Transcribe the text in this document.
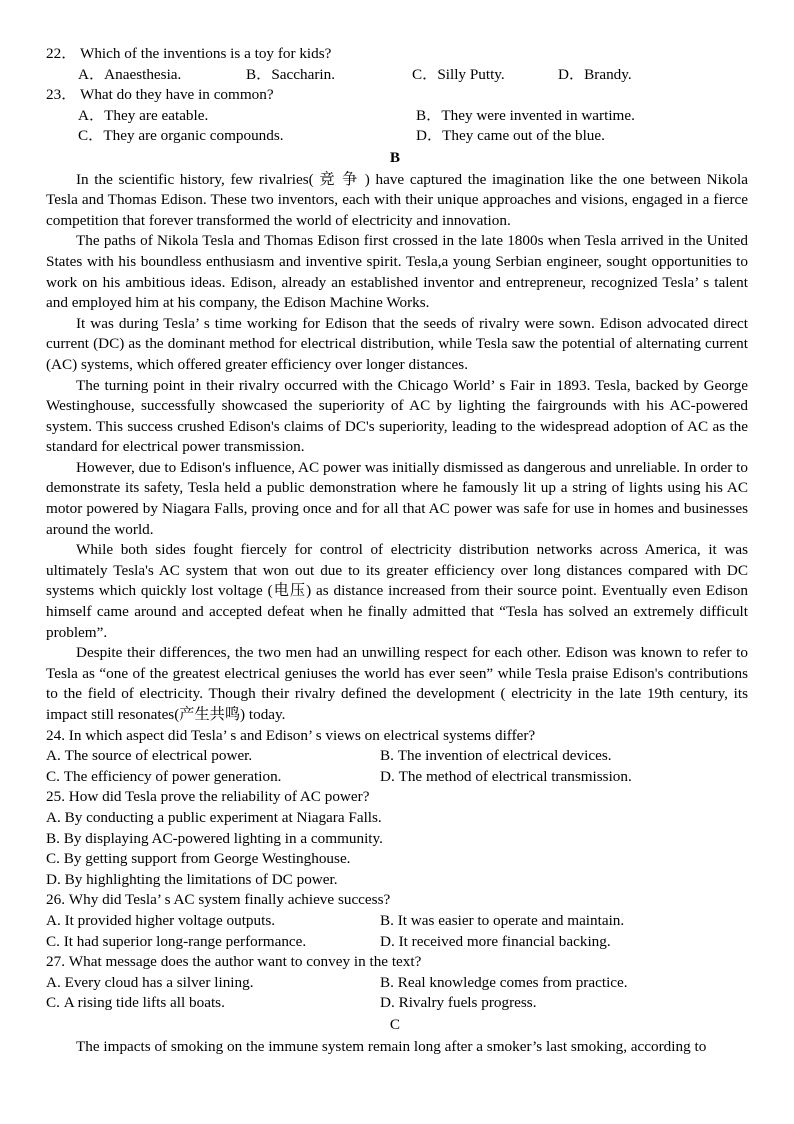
22． Which of the inventions is a toy for kids?
A．Anaesthesia.	B．Saccharin.	C．Silly Putty.	D．Brandy.
23． What do they have in common?
A．They are eatable.	B．They were invented in wartime.
C．They are organic compounds.	D．They came out of the blue.
B

In the scientific history, few rivalries( 竞 争 ) have captured the imagination like the one between Nikola Tesla and Thomas Edison. These two inventors, each with their unique approaches and visions, engaged in a fierce competition that forever transformed the world of electricity and innovation.

The paths of Nikola Tesla and Thomas Edison first crossed in the late 1800s when Tesla arrived in the United States with his boundless enthusiasm and inventive spirit. Tesla,a young Serbian engineer, sought opportunities to work on his ambitious ideas. Edison, already an established inventor and entrepreneur, recognized Tesla’ s talent and employed him at his company, the Edison Machine Works.

It was during Tesla’ s time working for Edison that the seeds of rivalry were sown. Edison advocated direct current (DC) as the dominant method for electrical distribution, while Tesla saw the potential of alternating current (AC) systems, which offered greater efficiency over longer distances.

The turning point in their rivalry occurred with the Chicago World’ s Fair in 1893. Tesla, backed by George Westinghouse, successfully showcased the superiority of AC by lighting the fairgrounds with his AC-powered system. This success crushed Edison's claims of DC's superiority, leading to the widespread adoption of AC as the standard for electrical power transmission.

However, due to Edison's influence, AC power was initially dismissed as dangerous and unreliable. In order to demonstrate its safety, Tesla held a public demonstration where he famously lit up a string of lights using his AC motor powered by Niagara Falls, proving once and for all that AC power was safe for use in homes and businesses around the world.

While both sides fought fiercely for control of electricity distribution networks across America, it was ultimately Tesla's AC system that won out due to its greater efficiency over long distances compared with DC systems which quickly lost voltage (电压) as distance increased from their source point. Eventually even Edison himself came around and accepted defeat when he finally admitted that “Tesla has solved an extremely difficult problem”.

Despite their differences, the two men had an unwilling respect for each other. Edison was known to refer to Tesla as “one of the greatest electrical geniuses the world has ever seen” while Tesla praise Edison's contributions to the field of electricity. Though their rivalry defined the development ( electricity in the late 19th century, its impact still resonates(产生共鸣) today.

24. In which aspect did Tesla’ s and Edison’ s views on electrical systems differ?
A. The source of electrical power.	B. The invention of electrical devices.
C. The efficiency of power generation.	D. The method of electrical transmission.
25. How did Tesla prove the reliability of AC power?
A. By conducting a public experiment at Niagara Falls.
B. By displaying AC-powered lighting in a community.
C. By getting support from George Westinghouse.
D. By highlighting the limitations of DC power.
26. Why did Tesla’ s AC system finally achieve success?
A. It provided higher voltage outputs.	B. It was easier to operate and maintain.
C. It had superior long-range performance.	D. It received more financial backing.
27. What message does the author want to convey in the text?
A. Every cloud has a silver lining.	B. Real knowledge comes from practice.
C. A rising tide lifts all boats.	D. Rivalry fuels progress.
C

The impacts of smoking on the immune system remain long after a smoker’s last smoking, according to
